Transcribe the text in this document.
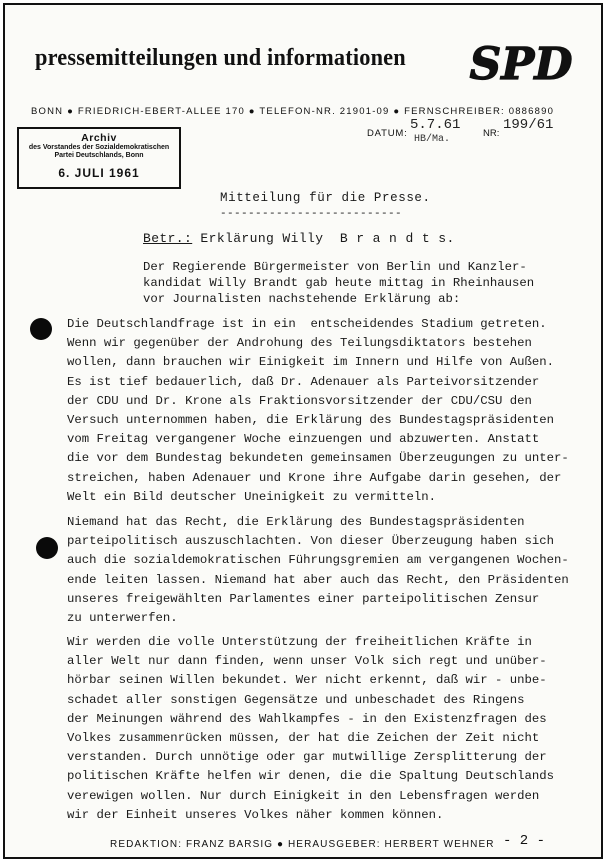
pressemitteilungen und informationen SPD
BONN ● FRIEDRICH-EBERT-ALLEE 170 ● TELEFON-NR. 21901-09 ● FERNSCHREIBER: 0886890
Archiv
des Vorstandes der Sozialdemokratischen
Partei Deutschlands, Bonn
6. JULI 1961
DATUM:
5.7.61
HB/Ma.
NR:
199/61
Mitteilung für die Presse.
--------------------------
Betr.: Erklärung Willy  B r a n d t s.
Der Regierende Bürgermeister von Berlin und Kanzler-
kandidat Willy Brandt gab heute mittag in Rheinhausen
vor Journalisten nachstehende Erklärung ab:
Die Deutschlandfrage ist in ein  entscheidendes Stadium getreten.
Wenn wir gegenüber der Androhung des Teilungsdiktators bestehen
wollen, dann brauchen wir Einigkeit im Innern und Hilfe von Außen.
Es ist tief bedauerlich, daß Dr. Adenauer als Parteivorsitzender
der CDU und Dr. Krone als Fraktionsvorsitzender der CDU/CSU den
Versuch unternommen haben, die Erklärung des Bundestagspräsidenten
vom Freitag vergangener Woche einzuengen und abzuwerten. Anstatt
die vor dem Bundestag bekundeten gemeinsamen Überzeugungen zu unter-
streichen, haben Adenauer und Krone ihre Aufgabe darin gesehen, der
Welt ein Bild deutscher Uneinigkeit zu vermitteln.
Niemand hat das Recht, die Erklärung des Bundestagspräsidenten
parteipolitisch auszuschlachten. Von dieser Überzeugung haben sich
auch die sozialdemokratischen Führungsgremien am vergangenen Wochen-
ende leiten lassen. Niemand hat aber auch das Recht, den Präsidenten
unseres freigewählten Parlamentes einer parteipolitischen Zensur
zu unterwerfen.
Wir werden die volle Unterstützung der freiheitlichen Kräfte in
aller Welt nur dann finden, wenn unser Volk sich regt und unüber-
hörbar seinen Willen bekundet. Wer nicht erkennt, daß wir - unbe-
schadet aller sonstigen Gegensätze und unbeschadet des Ringens
der Meinungen während des Wahlkampfes - in den Existenzfragen des
Volkes zusammenrücken müssen, der hat die Zeichen der Zeit nicht
verstanden. Durch unnötige oder gar mutwillige Zersplitterung der
politischen Kräfte helfen wir denen, die die Spaltung Deutschlands
verewigen wollen. Nur durch Einigkeit in den Lebensfragen werden
wir der Einheit unseres Volkes näher kommen können.
REDAKTION: FRANZ BARSIG ● HERAUSGEBER: HERBERT WEHNER - 2 -
